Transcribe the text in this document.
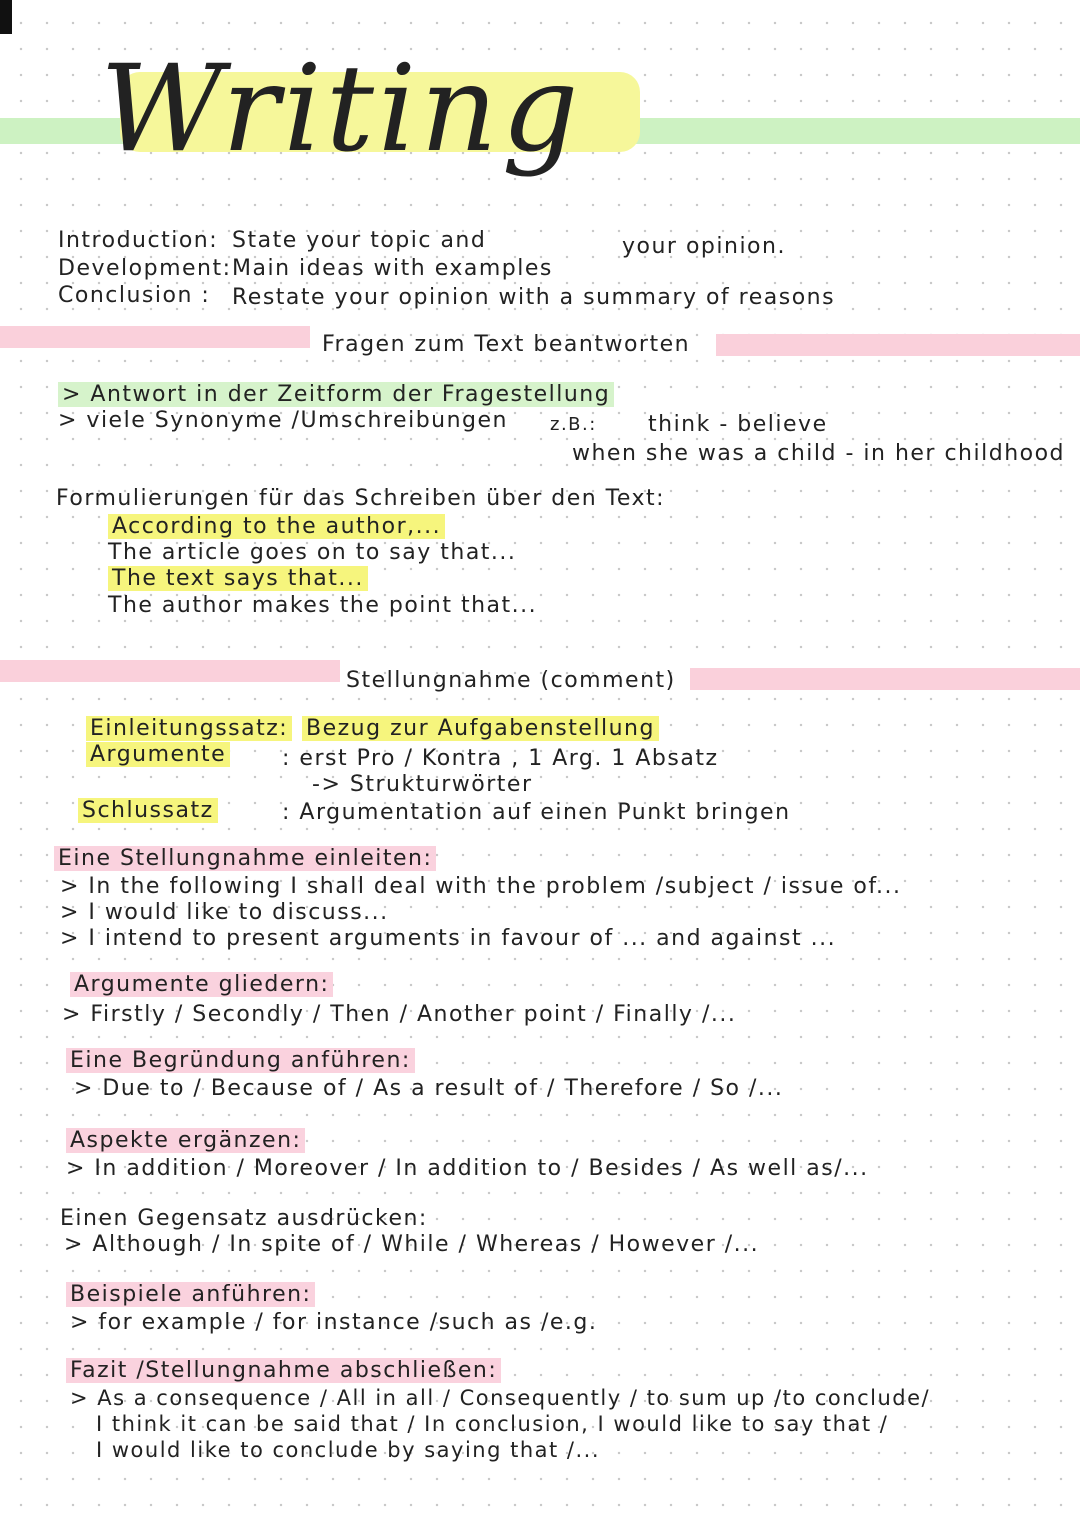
Writing
Introduction: State your topic and	your opinion.
Development: Main ideas with examples
Conclusion : Restate your opinion with a summary of reasons
Fragen zum Text beantworten
> Antwort in der Zeitform der Fragestellung
> viele Synonyme /Umschreibungen z.B.: think - believe
when she was a child - in her childhood
Formulierungen für das Schreiben über den Text:
According to the author,...
The article goes on to say that...
The text says that...
The author makes the point that...
Stellungnahme (comment)
Einleitungssatz: Bezug zur Aufgabenstellung
Argumente	: erst Pro / Kontra , 1 Arg. 1 Absatz
-> Strukturwörter
Schlussatz	: Argumentation auf einen Punkt bringen
Eine Stellungnahme einleiten:
> In the following I shall deal with the problem /subject / issue of...
> I would like to discuss...
> I intend to present arguments in favour of ... and against ...
Argumente gliedern:
> Firstly / Secondly / Then / Another point / Finally /...
Eine Begründung anführen:
> Due to / Because of / As a result of / Therefore / So /...
Aspekte ergänzen:
> In addition / Moreover / In addition to / Besides / As well as/...
Einen Gegensatz ausdrücken:
> Although / In spite of / While / Whereas / However /...
Beispiele anführen:
> for example / for instance /such as /e.g.
Fazit /Stellungnahme abschließen:
> As a consequence / All in all / Consequently / to sum up /to conclude/
I think it can be said that / In conclusion, I would like to say that /
I would like to conclude by saying that /...
